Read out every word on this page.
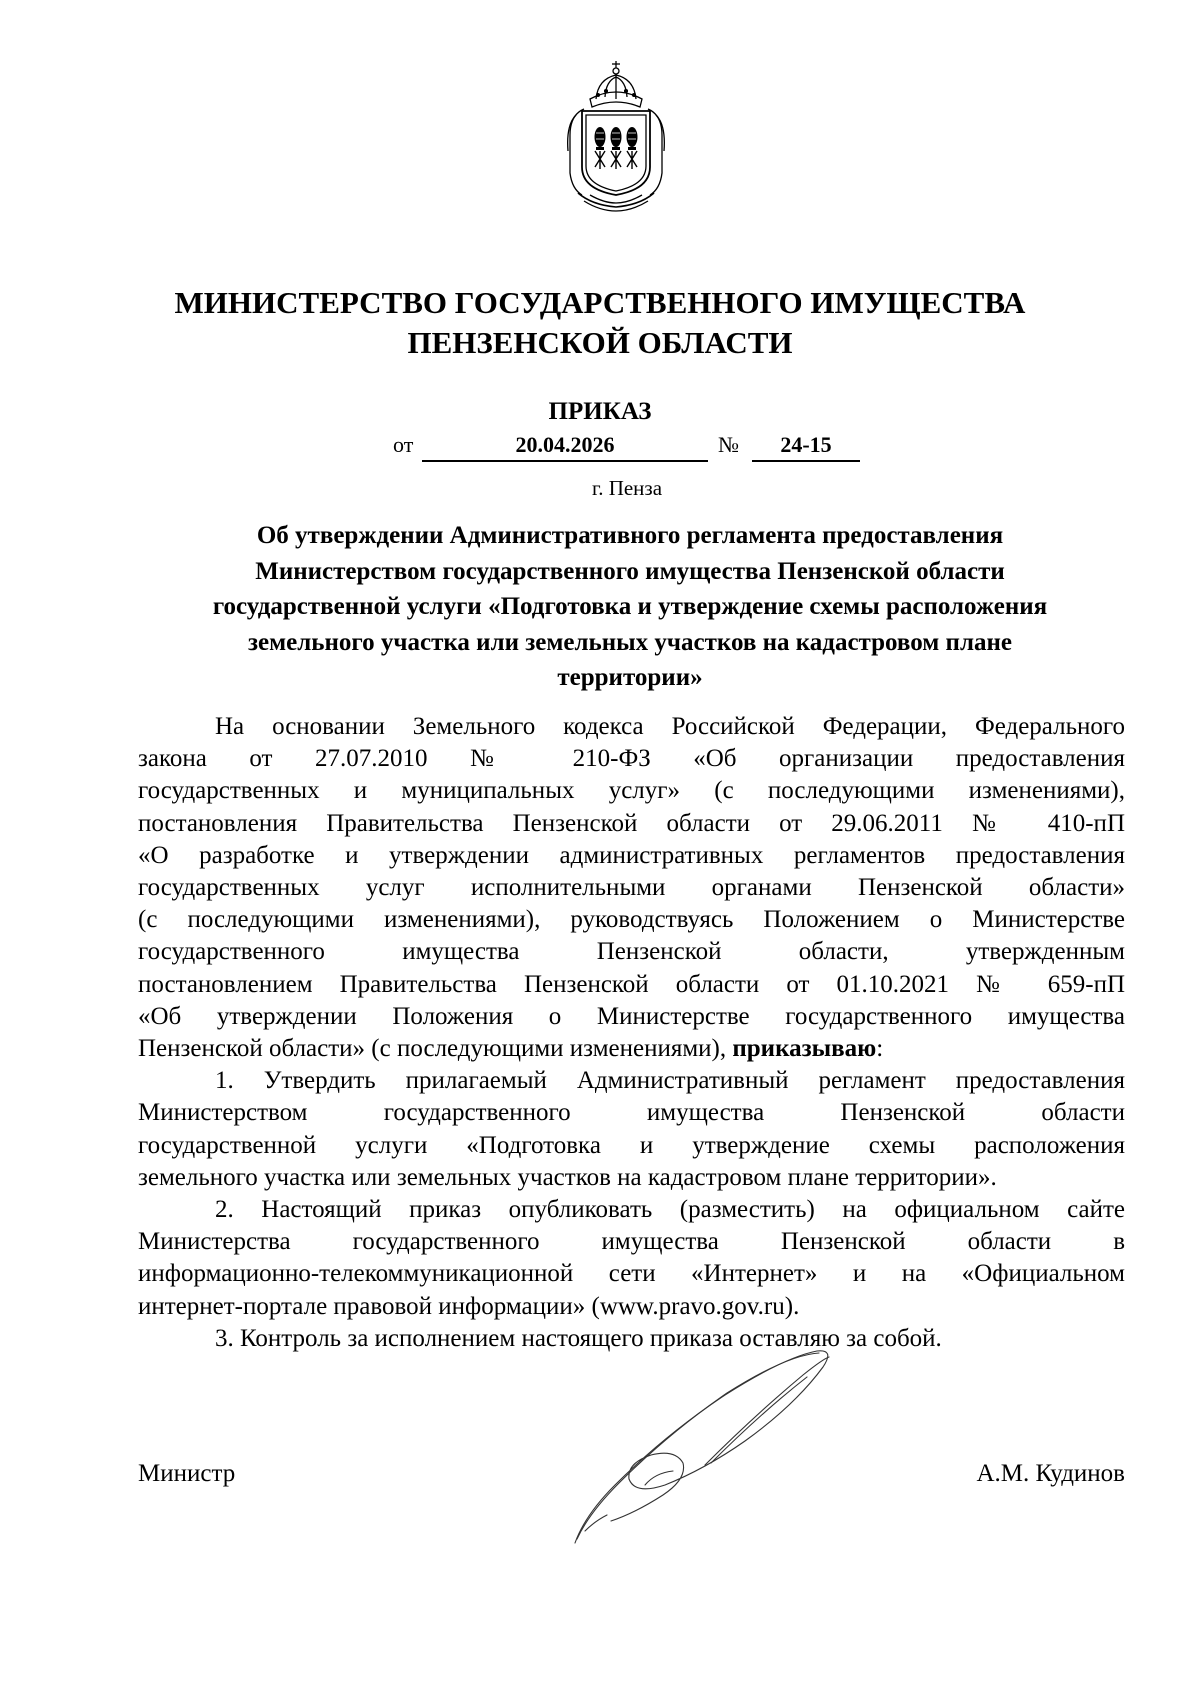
МИНИСТЕРСТВО ГОСУДАРСТВЕННОГО ИМУЩЕСТВА
ПЕНЗЕНСКОЙ ОБЛАСТИ
ПРИКАЗ
от	20.04.2026	№	24-15
г. Пенза
Об утверждении Административного регламента предоставления
Министерством государственного имущества Пензенской области
государственной услуги «Подготовка и утверждение схемы расположения
земельного участка или земельных участков на кадастровом плане
территории»
На основании Земельного кодекса Российской Федерации, Федерального
закона от 27.07.2010 № 210-ФЗ «Об организации предоставления
государственных и муниципальных услуг» (с последующими изменениями),
постановления Правительства Пензенской области от 29.06.2011 № 410-пП
«О разработке и утверждении административных регламентов предоставления
государственных услуг исполнительными органами Пензенской области»
(с последующими изменениями), руководствуясь Положением о Министерстве
государственного имущества Пензенской области, утвержденным
постановлением Правительства Пензенской области от 01.10.2021 № 659-пП
«Об утверждении Положения о Министерстве государственного имущества
Пензенской области» (с последующими изменениями), приказываю:
1. Утвердить прилагаемый Административный регламент предоставления
Министерством государственного имущества Пензенской области
государственной услуги «Подготовка и утверждение схемы расположения
земельного участка или земельных участков на кадастровом плане территории».
2. Настоящий приказ опубликовать (разместить) на официальном сайте
Министерства государственного имущества Пензенской области в
информационно-телекоммуникационной сети «Интернет» и на «Официальном
интернет-портале правовой информации» (www.pravo.gov.ru).
3. Контроль за исполнением настоящего приказа оставляю за собой.
Министр	А.М. Кудинов
